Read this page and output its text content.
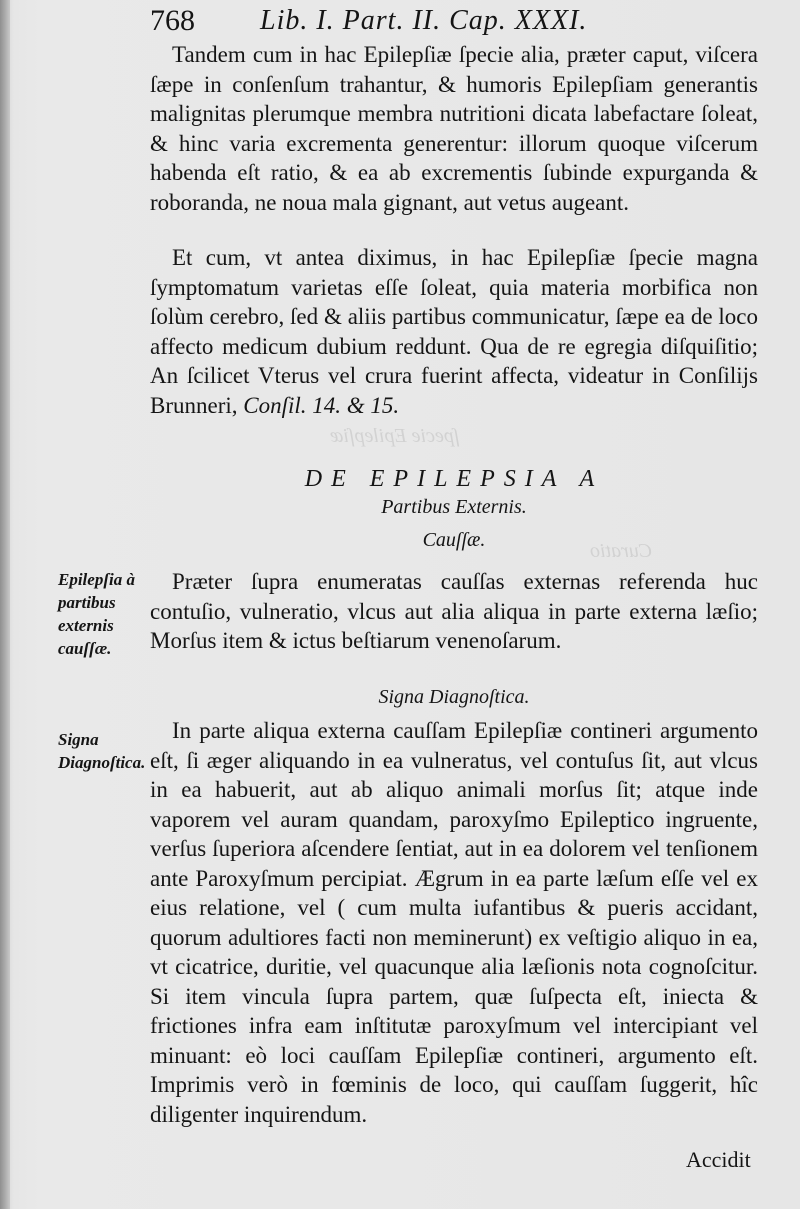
ſpecie Epilepſiæ
Curatio
768 Lib. I. Part. II. Cap. XXXI.

Tandem cum in hac Epilepſiæ ſpecie alia, præter caput, viſcera ſæpe in conſenſum trahantur, & humoris Epilepſiam generantis malignitas plerumque membra nutritioni dicata labefactare ſoleat, & hinc varia excrementa generentur: illorum quoque viſcerum habenda eſt ratio, & ea ab excrementis ſubinde expurganda & roboranda, ne noua mala gignant, aut vetus augeant.

Et cum, vt antea diximus, in hac Epilepſiæ ſpecie magna ſymptomatum varietas eſſe ſoleat, quia materia morbifica non ſolùm cerebro, ſed & aliis partibus communicatur, ſæpe ea de loco affecto medicum dubium reddunt. Qua de re egregia diſquiſitio; An ſcilicet Vterus vel crura fuerint affecta, videatur in Conſilijs Brunneri, Conſil. 14. & 15.

DE EPILEPSIA A
Partibus Externis.
Cauſſæ.
Epilepſia à partibus externis cauſſæ.

Præter ſupra enumeratas cauſſas externas referenda huc contuſio, vulneratio, vlcus aut alia aliqua in parte externa læſio; Morſus item & ictus beſtiarum venenoſarum.

Signa Diagnoſtica.
Signa Diagnoſtica.

In parte aliqua externa cauſſam Epilepſiæ contineri argumento eſt, ſi æger aliquando in ea vulneratus, vel contuſus ſit, aut vlcus in ea habuerit, aut ab aliquo animali morſus ſit; atque inde vaporem vel auram quandam, paroxyſmo Epileptico ingruente, verſus ſuperiora aſcendere ſentiat, aut in ea dolorem vel tenſionem ante Paroxyſmum percipiat. Ægrum in ea parte læſum eſſe vel ex eius relatione, vel ( cum multa iufantibus & pueris accidant, quorum adultiores facti non meminerunt) ex veſtigio aliquo in ea, vt cicatrice, duritie, vel quacunque alia læſionis nota cognoſcitur. Si item vincula ſupra partem, quæ ſuſpecta eſt, iniecta & frictiones infra eam inſtitutæ paroxyſmum vel intercipiant vel minuant: eò loci cauſſam Epilepſiæ contineri, argumento eſt. Imprimis verò in fœminis de loco, qui cauſſam ſuggerit, hîc diligenter inquirendum.

Accidit
